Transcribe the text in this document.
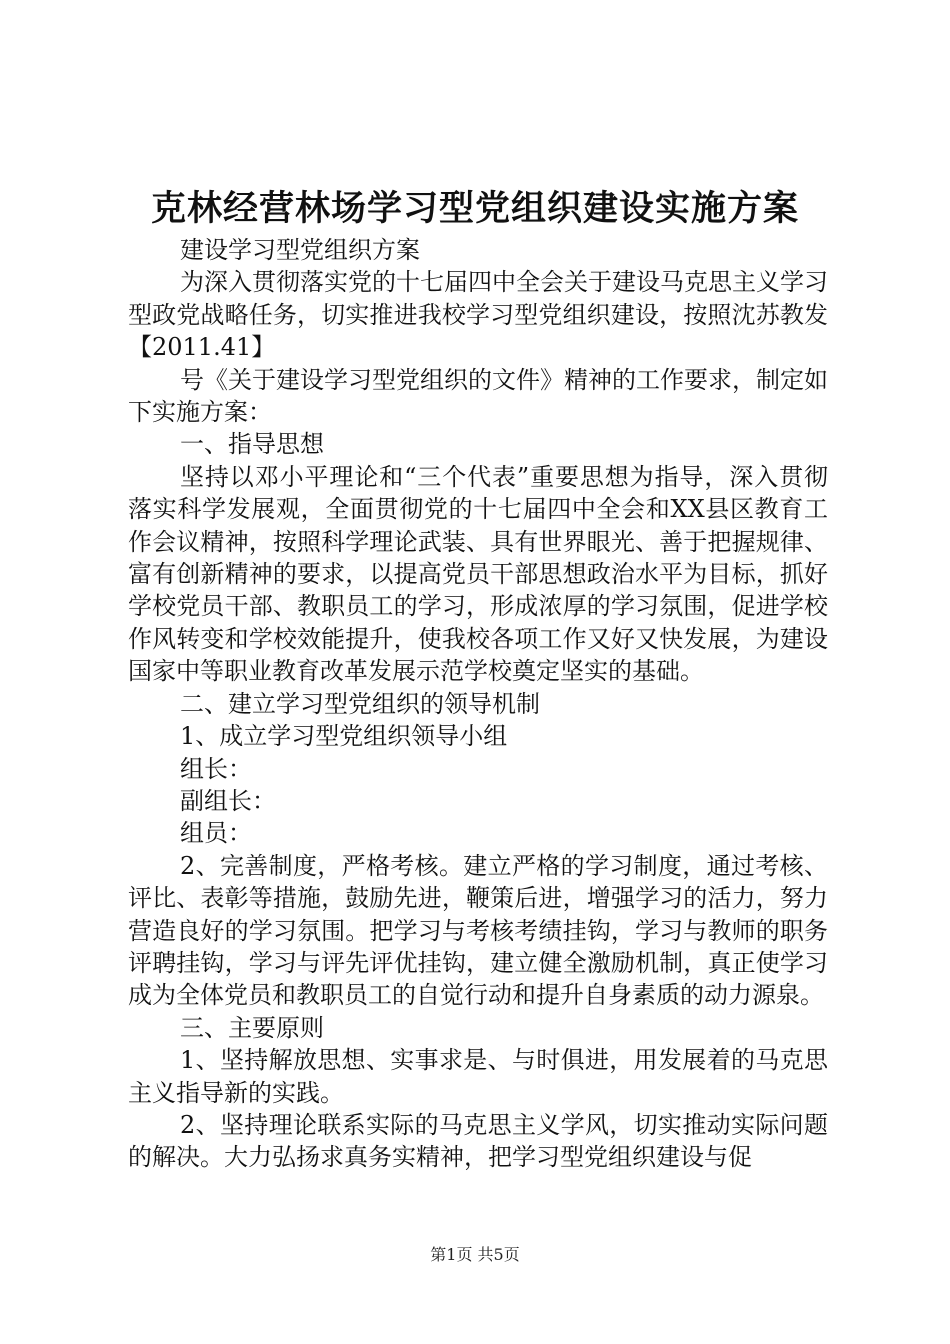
克林经营林场学习型党组织建设实施方案

建设学习型党组织方案

为深入贯彻落实党的十七届四中全会关于建设马克思主义学习型政党战略任务，切实推进我校学习型党组织建设，按照沈苏教发【2011.41】

号《关于建设学习型党组织的文件》精神的工作要求，制定如下实施方案：

一、指导思想

坚持以邓小平理论和“三个代表”重要思想为指导，深入贯彻落实科学发展观，全面贯彻党的十七届四中全会和XX县区教育工作会议精神，按照科学理论武装、具有世界眼光、善于把握规律、富有创新精神的要求，以提高党员干部思想政治水平为目标，抓好学校党员干部、教职员工的学习，形成浓厚的学习氛围，促进学校作风转变和学校效能提升，使我校各项工作又好又快发展，为建设国家中等职业教育改革发展示范学校奠定坚实的基础。

二、建立学习型党组织的领导机制

1、成立学习型党组织领导小组

组长：

副组长：

组员：

2、完善制度，严格考核。建立严格的学习制度，通过考核、评比、表彰等措施，鼓励先进，鞭策后进，增强学习的活力，努力营造良好的学习氛围。把学习与考核考绩挂钩，学习与教师的职务评聘挂钩，学习与评先评优挂钩，建立健全激励机制，真正使学习成为全体党员和教职员工的自觉行动和提升自身素质的动力源泉。

三、主要原则

1、坚持解放思想、实事求是、与时俱进，用发展着的马克思主义指导新的实践。

2、坚持理论联系实际的马克思主义学风，切实推动实际问题的解决。大力弘扬求真务实精神，把学习型党组织建设与促

第1页 共5页
